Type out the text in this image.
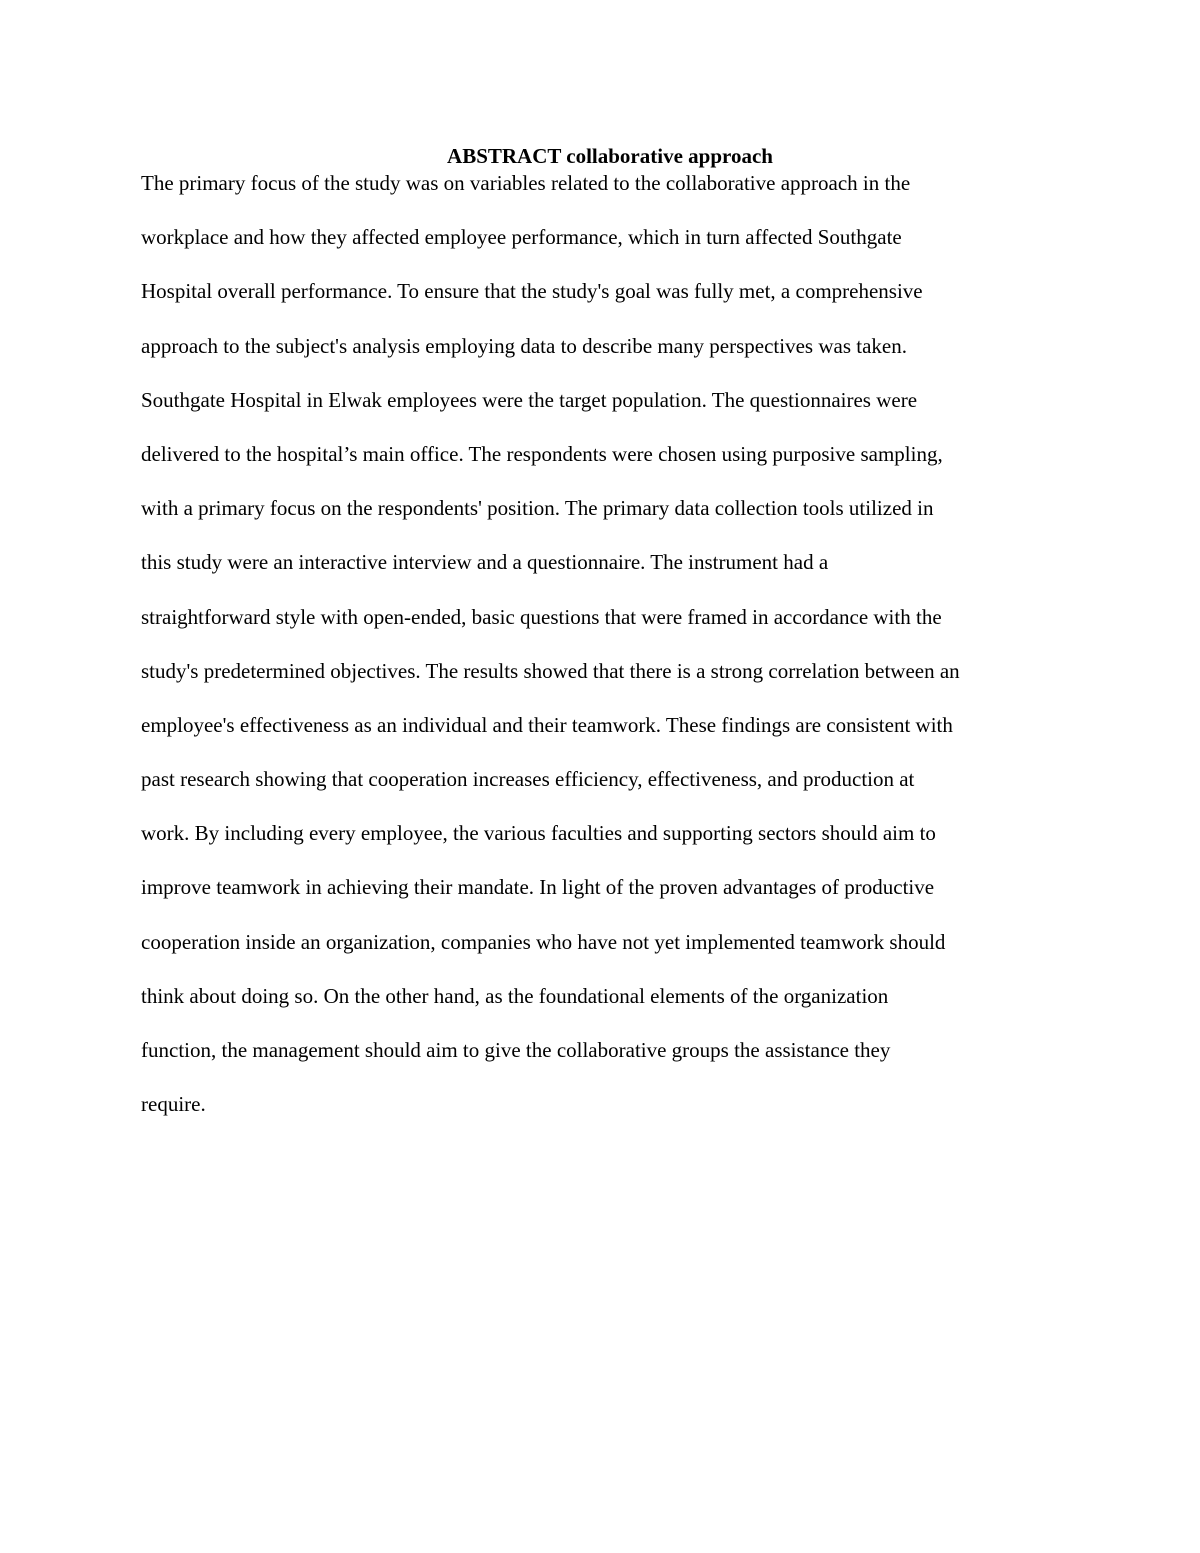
ABSTRACT collaborative approach
The primary focus of the study was on variables related to the collaborative approach in the
workplace and how they affected employee performance, which in turn affected Southgate
Hospital overall performance. To ensure that the study's goal was fully met, a comprehensive
approach to the subject's analysis employing data to describe many perspectives was taken.
Southgate Hospital in Elwak employees were the target population. The questionnaires were
delivered to the hospital’s main office. The respondents were chosen using purposive sampling,
with a primary focus on the respondents' position. The primary data collection tools utilized in
this study were an interactive interview and a questionnaire. The instrument had a
straightforward style with open-ended, basic questions that were framed in accordance with the
study's predetermined objectives. The results showed that there is a strong correlation between an
employee's effectiveness as an individual and their teamwork. These findings are consistent with
past research showing that cooperation increases efficiency, effectiveness, and production at
work. By including every employee, the various faculties and supporting sectors should aim to
improve teamwork in achieving their mandate. In light of the proven advantages of productive
cooperation inside an organization, companies who have not yet implemented teamwork should
think about doing so. On the other hand, as the foundational elements of the organization
function, the management should aim to give the collaborative groups the assistance they
require.
